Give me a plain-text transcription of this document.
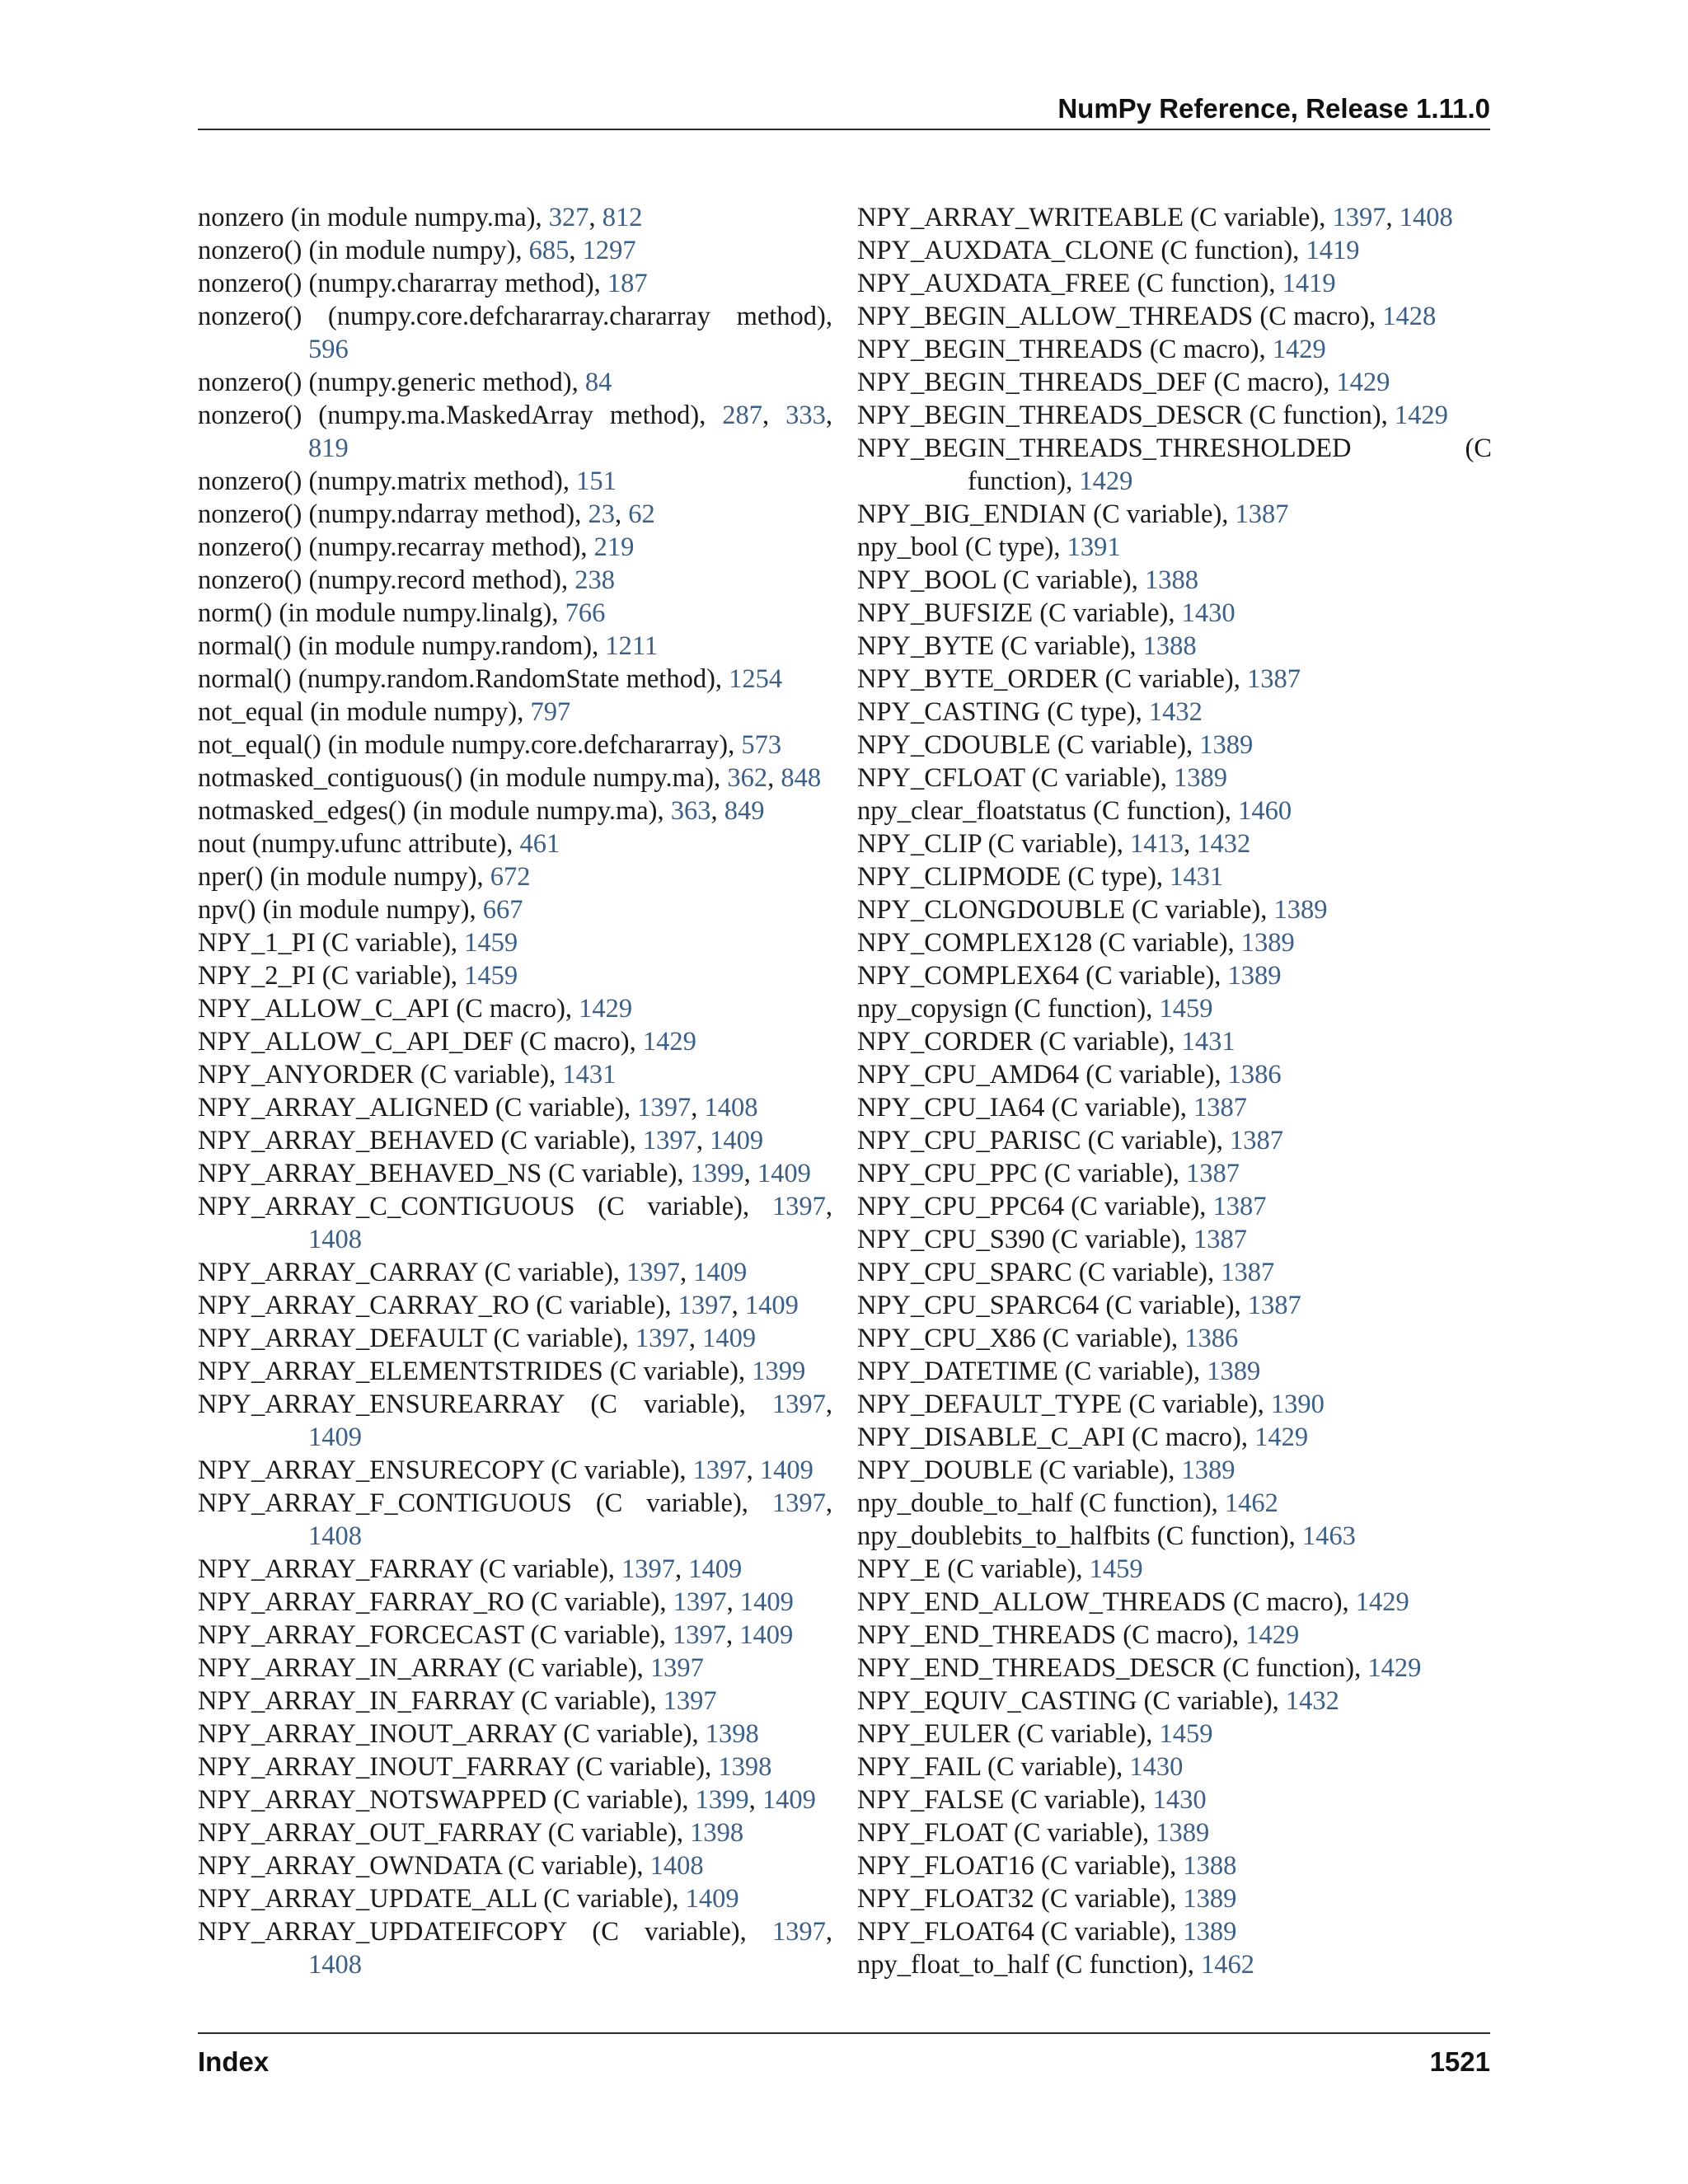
NumPy Reference, Release 1.11.0

nonzero (in module numpy.ma), 327, 812

nonzero() (in module numpy), 685, 1297

nonzero() (numpy.chararray method), 187

nonzero() (numpy.core.defchararray.chararray method), 596

nonzero() (numpy.generic method), 84

nonzero() (numpy.ma.MaskedArray method), 287, 333, 819

nonzero() (numpy.matrix method), 151

nonzero() (numpy.ndarray method), 23, 62

nonzero() (numpy.recarray method), 219

nonzero() (numpy.record method), 238

norm() (in module numpy.linalg), 766

normal() (in module numpy.random), 1211

normal() (numpy.random.RandomState method), 1254

not_equal (in module numpy), 797

not_equal() (in module numpy.core.defchararray), 573

notmasked_contiguous() (in module numpy.ma), 362, 848

notmasked_edges() (in module numpy.ma), 363, 849

nout (numpy.ufunc attribute), 461

nper() (in module numpy), 672

npv() (in module numpy), 667

NPY_1_PI (C variable), 1459

NPY_2_PI (C variable), 1459

NPY_ALLOW_C_API (C macro), 1429

NPY_ALLOW_C_API_DEF (C macro), 1429

NPY_ANYORDER (C variable), 1431

NPY_ARRAY_ALIGNED (C variable), 1397, 1408

NPY_ARRAY_BEHAVED (C variable), 1397, 1409

NPY_ARRAY_BEHAVED_NS (C variable), 1399, 1409

NPY_ARRAY_C_CONTIGUOUS (C variable), 1397, 1408

NPY_ARRAY_CARRAY (C variable), 1397, 1409

NPY_ARRAY_CARRAY_RO (C variable), 1397, 1409

NPY_ARRAY_DEFAULT (C variable), 1397, 1409

NPY_ARRAY_ELEMENTSTRIDES (C variable), 1399

NPY_ARRAY_ENSUREARRAY (C variable), 1397, 1409

NPY_ARRAY_ENSURECOPY (C variable), 1397, 1409

NPY_ARRAY_F_CONTIGUOUS (C variable), 1397, 1408

NPY_ARRAY_FARRAY (C variable), 1397, 1409

NPY_ARRAY_FARRAY_RO (C variable), 1397, 1409

NPY_ARRAY_FORCECAST (C variable), 1397, 1409

NPY_ARRAY_IN_ARRAY (C variable), 1397

NPY_ARRAY_IN_FARRAY (C variable), 1397

NPY_ARRAY_INOUT_ARRAY (C variable), 1398

NPY_ARRAY_INOUT_FARRAY (C variable), 1398

NPY_ARRAY_NOTSWAPPED (C variable), 1399, 1409

NPY_ARRAY_OUT_FARRAY (C variable), 1398

NPY_ARRAY_OWNDATA (C variable), 1408

NPY_ARRAY_UPDATE_ALL (C variable), 1409

NPY_ARRAY_UPDATEIFCOPY (C variable), 1397, 1408

NPY_ARRAY_WRITEABLE (C variable), 1397, 1408

NPY_AUXDATA_CLONE (C function), 1419

NPY_AUXDATA_FREE (C function), 1419

NPY_BEGIN_ALLOW_THREADS (C macro), 1428

NPY_BEGIN_THREADS (C macro), 1429

NPY_BEGIN_THREADS_DEF (C macro), 1429

NPY_BEGIN_THREADS_DESCR (C function), 1429

NPY_BEGIN_THREADS_THRESHOLDED (C function), 1429

NPY_BIG_ENDIAN (C variable), 1387

npy_bool (C type), 1391

NPY_BOOL (C variable), 1388

NPY_BUFSIZE (C variable), 1430

NPY_BYTE (C variable), 1388

NPY_BYTE_ORDER (C variable), 1387

NPY_CASTING (C type), 1432

NPY_CDOUBLE (C variable), 1389

NPY_CFLOAT (C variable), 1389

npy_clear_floatstatus (C function), 1460

NPY_CLIP (C variable), 1413, 1432

NPY_CLIPMODE (C type), 1431

NPY_CLONGDOUBLE (C variable), 1389

NPY_COMPLEX128 (C variable), 1389

NPY_COMPLEX64 (C variable), 1389

npy_copysign (C function), 1459

NPY_CORDER (C variable), 1431

NPY_CPU_AMD64 (C variable), 1386

NPY_CPU_IA64 (C variable), 1387

NPY_CPU_PARISC (C variable), 1387

NPY_CPU_PPC (C variable), 1387

NPY_CPU_PPC64 (C variable), 1387

NPY_CPU_S390 (C variable), 1387

NPY_CPU_SPARC (C variable), 1387

NPY_CPU_SPARC64 (C variable), 1387

NPY_CPU_X86 (C variable), 1386

NPY_DATETIME (C variable), 1389

NPY_DEFAULT_TYPE (C variable), 1390

NPY_DISABLE_C_API (C macro), 1429

NPY_DOUBLE (C variable), 1389

npy_double_to_half (C function), 1462

npy_doublebits_to_halfbits (C function), 1463

NPY_E (C variable), 1459

NPY_END_ALLOW_THREADS (C macro), 1429

NPY_END_THREADS (C macro), 1429

NPY_END_THREADS_DESCR (C function), 1429

NPY_EQUIV_CASTING (C variable), 1432

NPY_EULER (C variable), 1459

NPY_FAIL (C variable), 1430

NPY_FALSE (C variable), 1430

NPY_FLOAT (C variable), 1389

NPY_FLOAT16 (C variable), 1388

NPY_FLOAT32 (C variable), 1389

NPY_FLOAT64 (C variable), 1389

npy_float_to_half (C function), 1462

Index	1521
